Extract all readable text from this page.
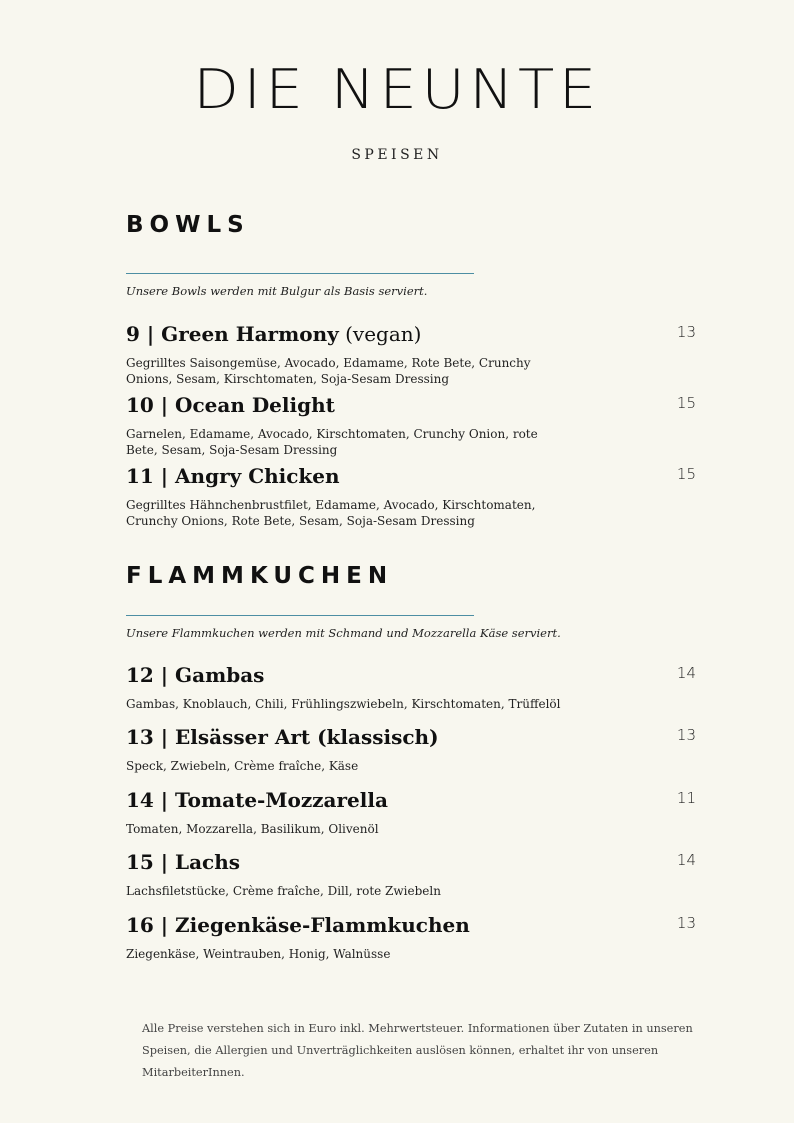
DIE NEUNTE
SPEISEN
BOWLS
Unsere Bowls werden mit Bulgur als Basis serviert.
9 | Green Harmony (vegan)	13
Gegrilltes Saisongemüse, Avocado, Edamame, Rote Bete, Crunchy Onions, Sesam, Kirschtomaten, Soja-Sesam Dressing
10 | Ocean Delight	15
Garnelen, Edamame, Avocado, Kirschtomaten, Crunchy Onion, rote Bete, Sesam, Soja-Sesam Dressing
11 | Angry Chicken	15
Gegrilltes Hähnchenbrustfilet, Edamame, Avocado, Kirschtomaten, Crunchy Onions, Rote Bete, Sesam, Soja-Sesam Dressing
FLAMMKUCHEN
Unsere Flammkuchen werden mit Schmand und Mozzarella Käse serviert.
12 | Gambas	14
Gambas, Knoblauch, Chili, Frühlingszwiebeln, Kirschtomaten, Trüffelöl
13 | Elsässer Art (klassisch)	13
Speck, Zwiebeln, Crème fraîche, Käse
14 | Tomate-Mozzarella	11
Tomaten, Mozzarella, Basilikum, Olivenöl
15 | Lachs	14
Lachsfiletstücke, Crème fraîche, Dill, rote Zwiebeln
16 | Ziegenkäse-Flammkuchen	13
Ziegenkäse, Weintrauben, Honig, Walnüsse
Alle Preise verstehen sich in Euro inkl. Mehrwertsteuer. Informationen über Zutaten in unseren Speisen, die Allergien und Unverträglichkeiten auslösen können, erhaltet ihr von unseren MitarbeiterInnen.
